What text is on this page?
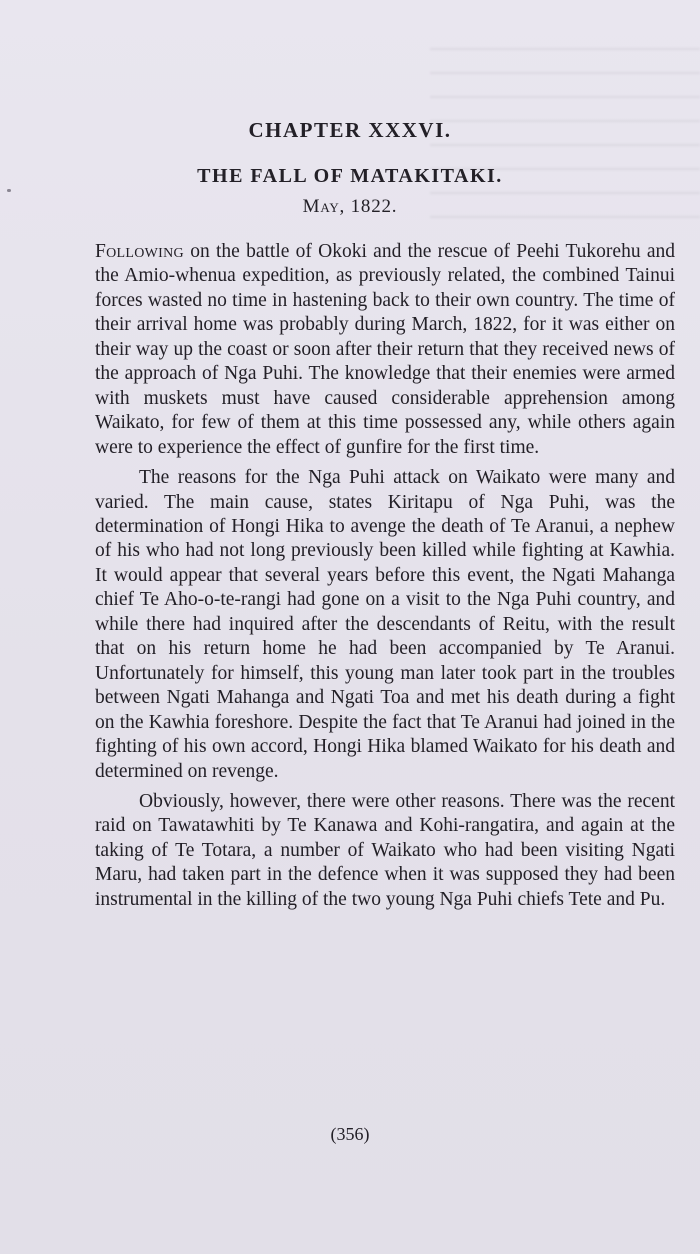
CHAPTER XXXVI.
THE FALL OF MATAKITAKI.
May, 1822.

Following on the battle of Okoki and the rescue of Peehi Tukorehu and the Amio-whenua expedition, as previously related, the combined Tainui forces wasted no time in hastening back to their own country. The time of their arrival home was probably during March, 1822, for it was either on their way up the coast or soon after their return that they received news of the approach of Nga Puhi. The knowledge that their enemies were armed with muskets must have caused considerable apprehension among Waikato, for few of them at this time possessed any, while others again were to experience the effect of gunfire for the first time.

The reasons for the Nga Puhi attack on Waikato were many and varied. The main cause, states Kiritapu of Nga Puhi, was the determination of Hongi Hika to avenge the death of Te Aranui, a nephew of his who had not long previously been killed while fighting at Kawhia. It would appear that several years before this event, the Ngati Mahanga chief Te Aho-o-te-rangi had gone on a visit to the Nga Puhi country, and while there had inquired after the descendants of Reitu, with the result that on his return home he had been accompanied by Te Aranui. Unfortunately for himself, this young man later took part in the troubles between Ngati Mahanga and Ngati Toa and met his death during a fight on the Kawhia foreshore. Despite the fact that Te Aranui had joined in the fighting of his own accord, Hongi Hika blamed Waikato for his death and determined on revenge.

Obviously, however, there were other reasons. There was the recent raid on Tawatawhiti by Te Kanawa and Kohi-rangatira, and again at the taking of Te Totara, a number of Waikato who had been visiting Ngati Maru, had taken part in the defence when it was supposed they had been instrumental in the killing of the two young Nga Puhi chiefs Tete and Pu.

(356)
